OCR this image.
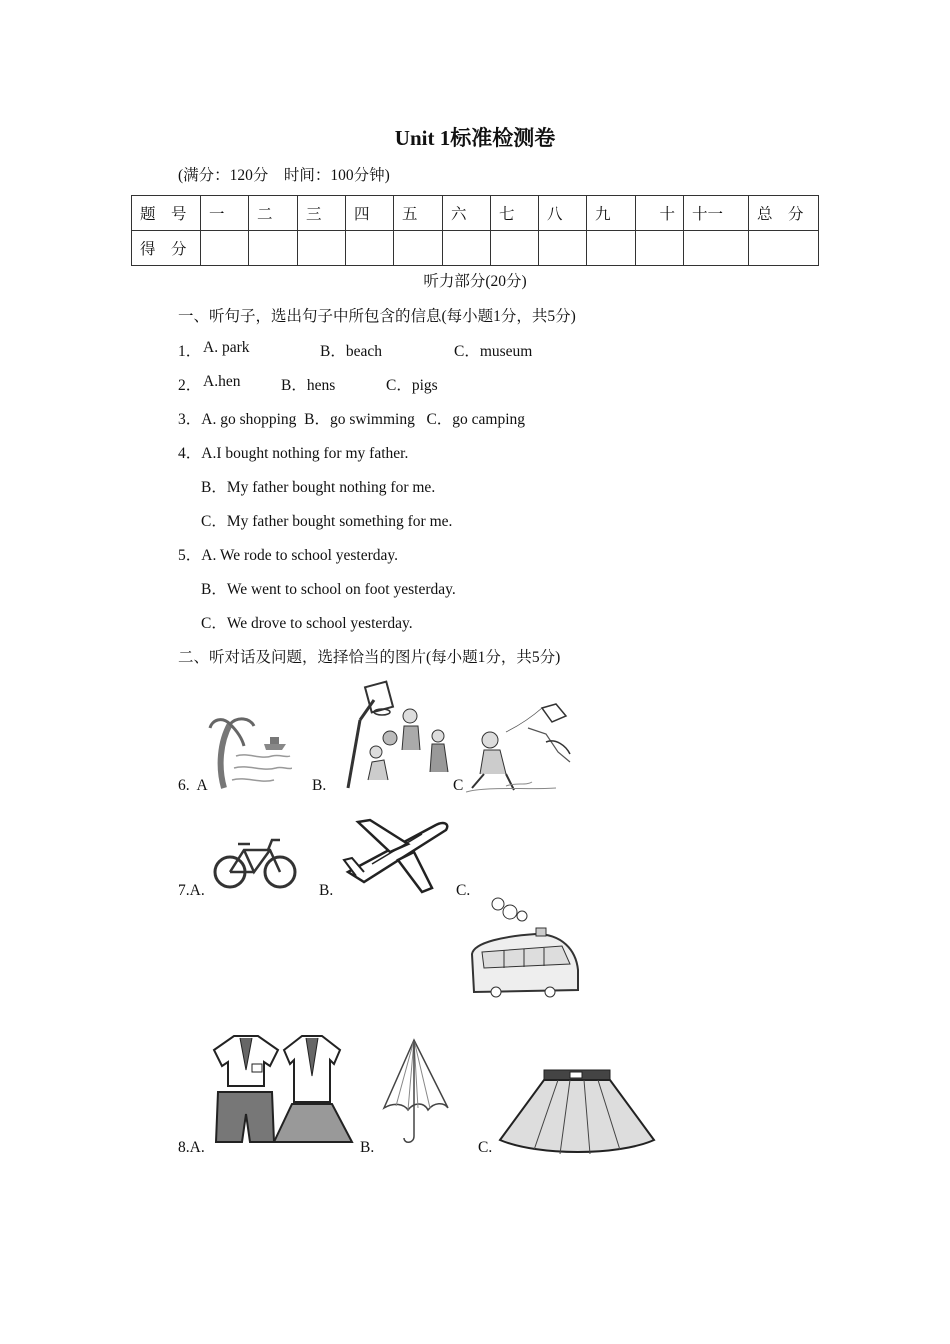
Unit 1标准检测卷
(满分：120分　时间：100分钟)
题　号	一	二	三	四	五	六	七	八	九	十	十一	总　分
得　分												
听力部分(20分)
一、听句子，选出句子中所包含的信息(每小题1分，共5分)
1． A. park	B．beach	C．museum
2． A.hen	B．hens	C．pigs
3．A. go shopping  B．go swimming   C．go camping
4．A.I bought nothing for my father.
B．My father bought nothing for me.
C．My father bought something for me.
5．A. We rode to school yesterday.
B．We went to school on foot yesterday.
C．We drove to school yesterday.
二、听对话及问题，选择恰当的图片(每小题1分，共5分)
6.  A	B.	C
7.A.	B.	C.
8.A.	B.	C.
